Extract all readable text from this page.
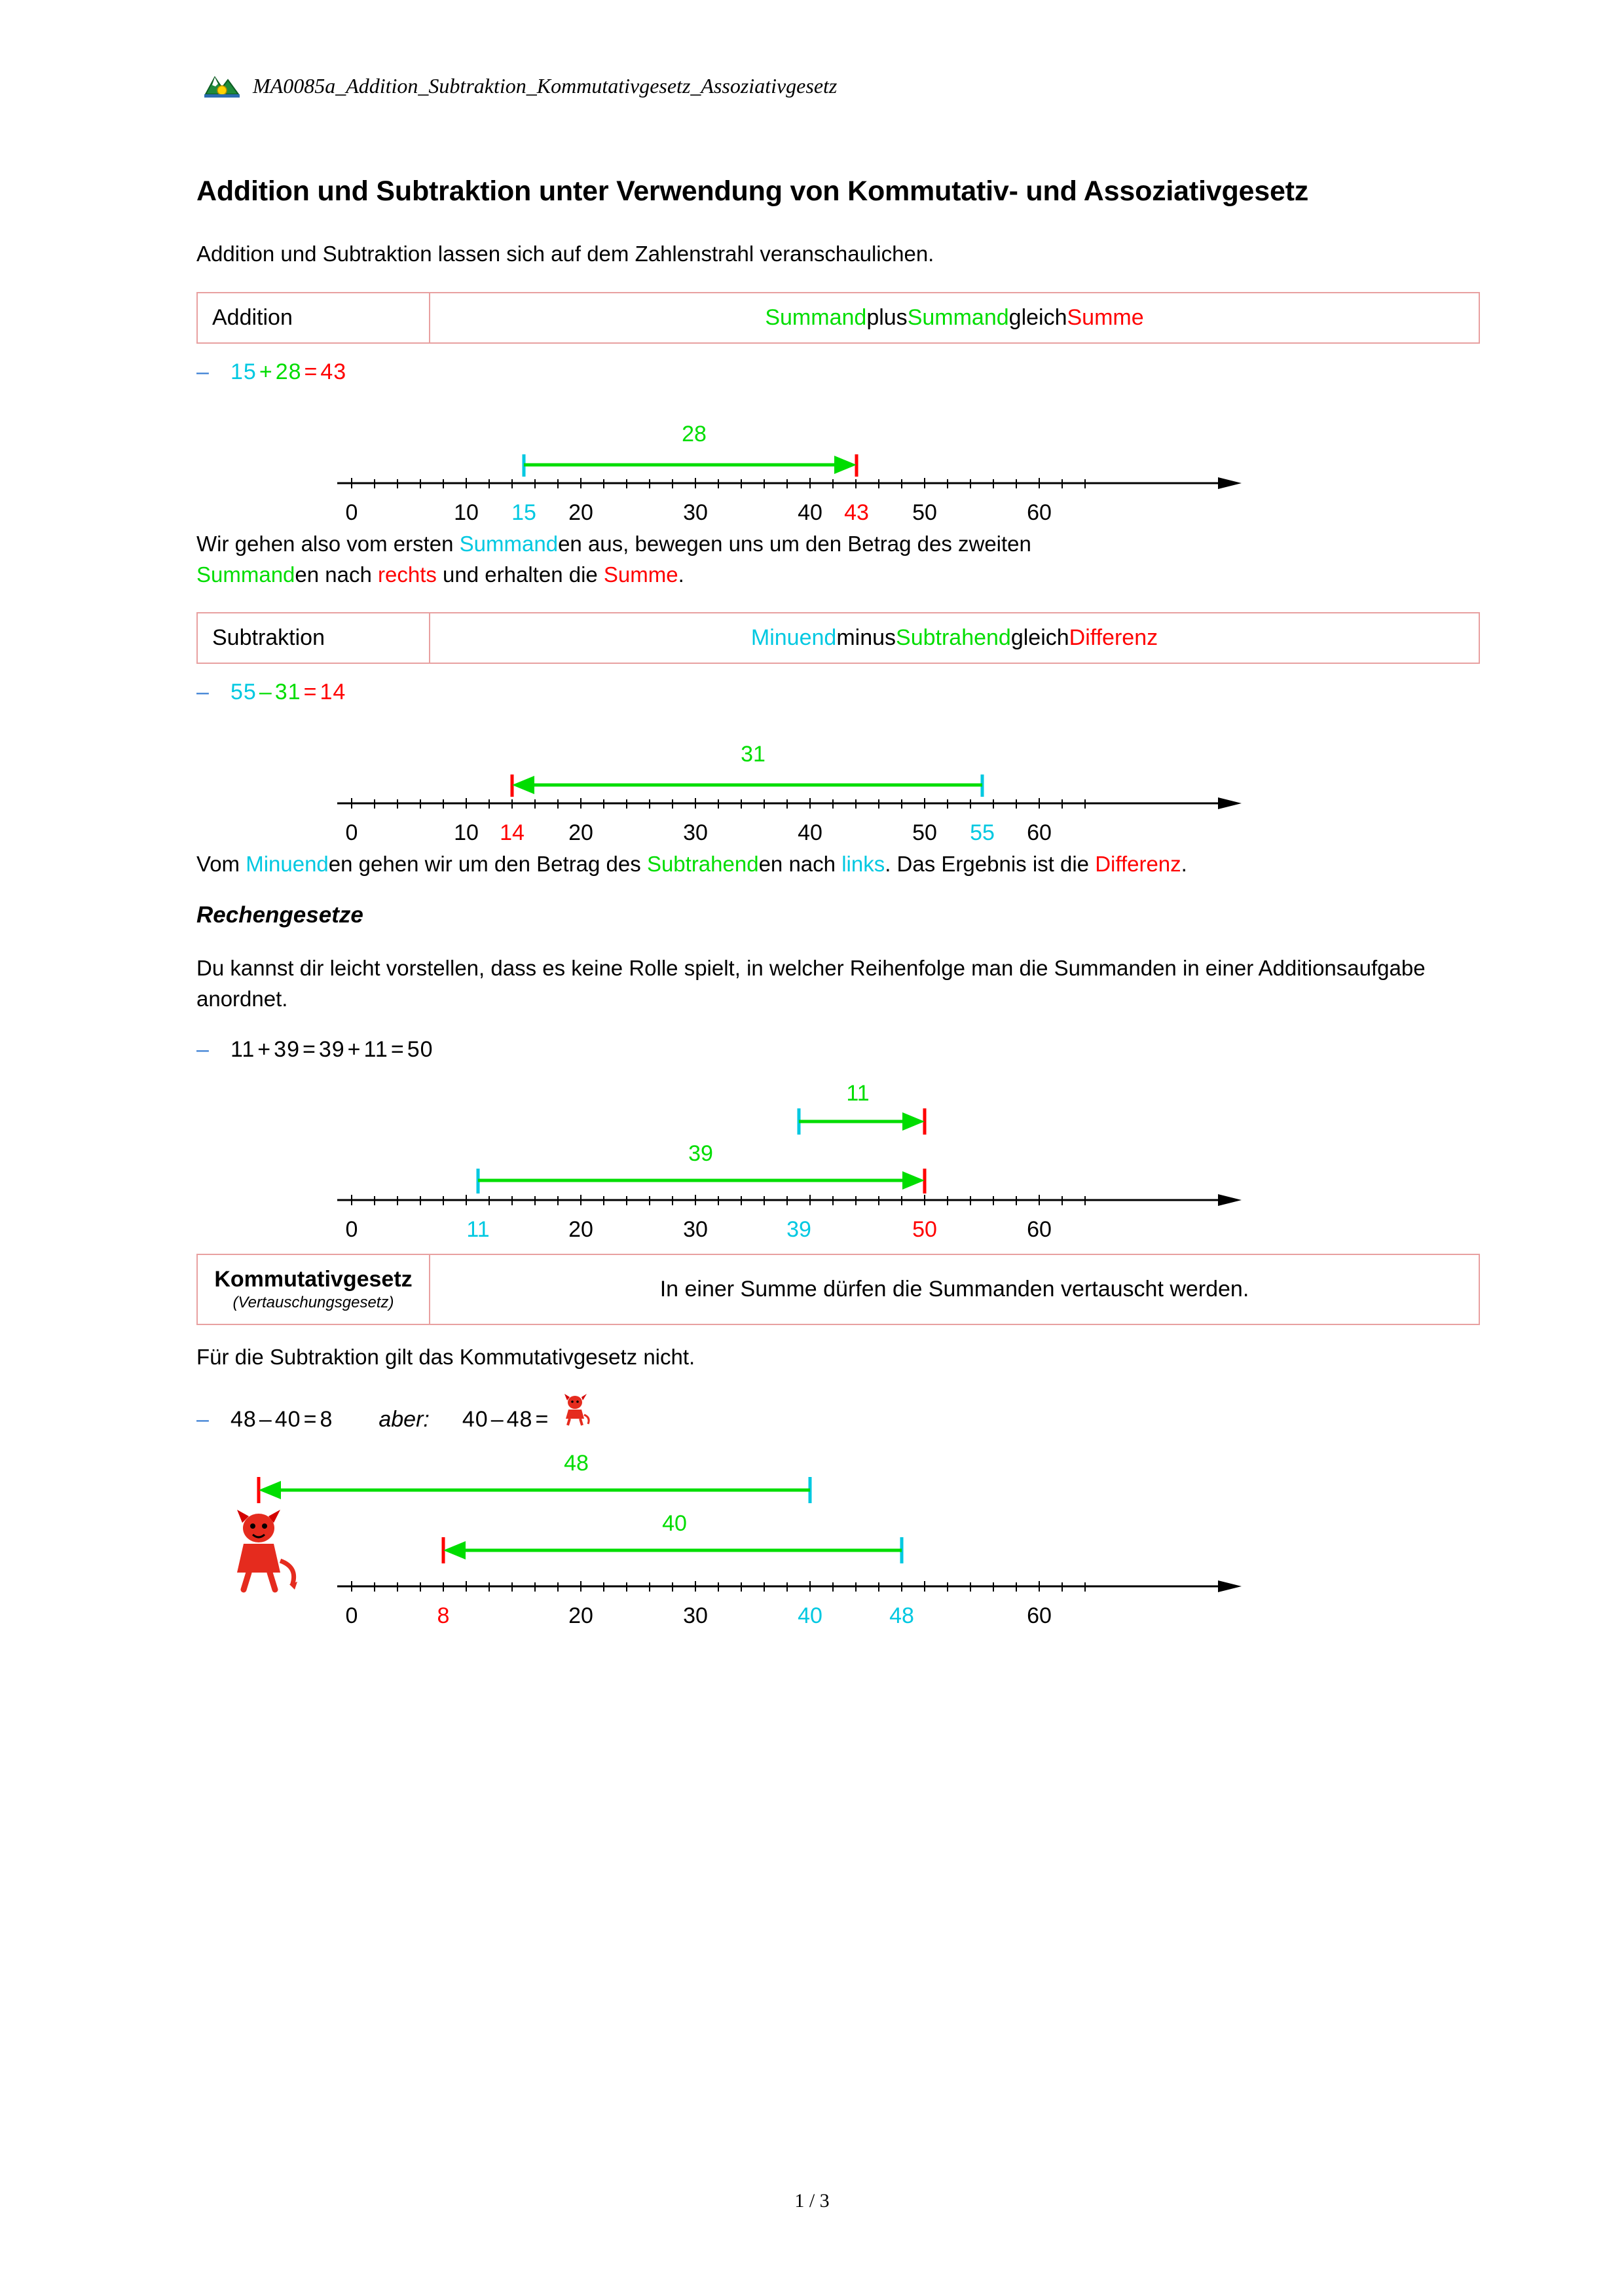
MA0085a_Addition_Subtraktion_Kommutativgesetz_Assoziativgesetz
Addition und Subtraktion unter Verwendung von Kommutativ- und Assoziativgesetz

Addition und Subtraktion lassen sich auf dem Zahlenstrahl veranschaulichen.

Addition	Summand plus Summand gleich Summe
– 15 + 28 = 43
0	10	20	30	40	50	60
15	43
28

Wir gehen also vom ersten Summanden aus, bewegen uns um den Betrag des zweiten
Summanden nach rechts und erhalten die Summe.

Subtraktion	Minuend minus Subtrahend gleich Differenz
– 55 – 31 = 14
0	10	20	30	40	50	60
14	55
31

Vom Minuenden gehen wir um den Betrag des Subtrahenden nach links. Das Ergebnis ist die Differenz.

Rechengesetze

Du kannst dir leicht vorstellen, dass es keine Rolle spielt, in welcher Reihenfolge man die Summanden in einer Additionsaufgabe anordnet.

– 11 + 39 = 39 + 11 = 50
0	20	30	60
11	39	50
39
11
Kommutativgesetz
(Vertauschungsgesetz)
In einer Summe dürfen die Summanden vertauscht werden.

Für die Subtraktion gilt das Kommutativgesetz nicht.

– 48 – 40 = 8 aber: 40 – 48 =
0	20	30	60
8	40	48
40
48
1 / 3
